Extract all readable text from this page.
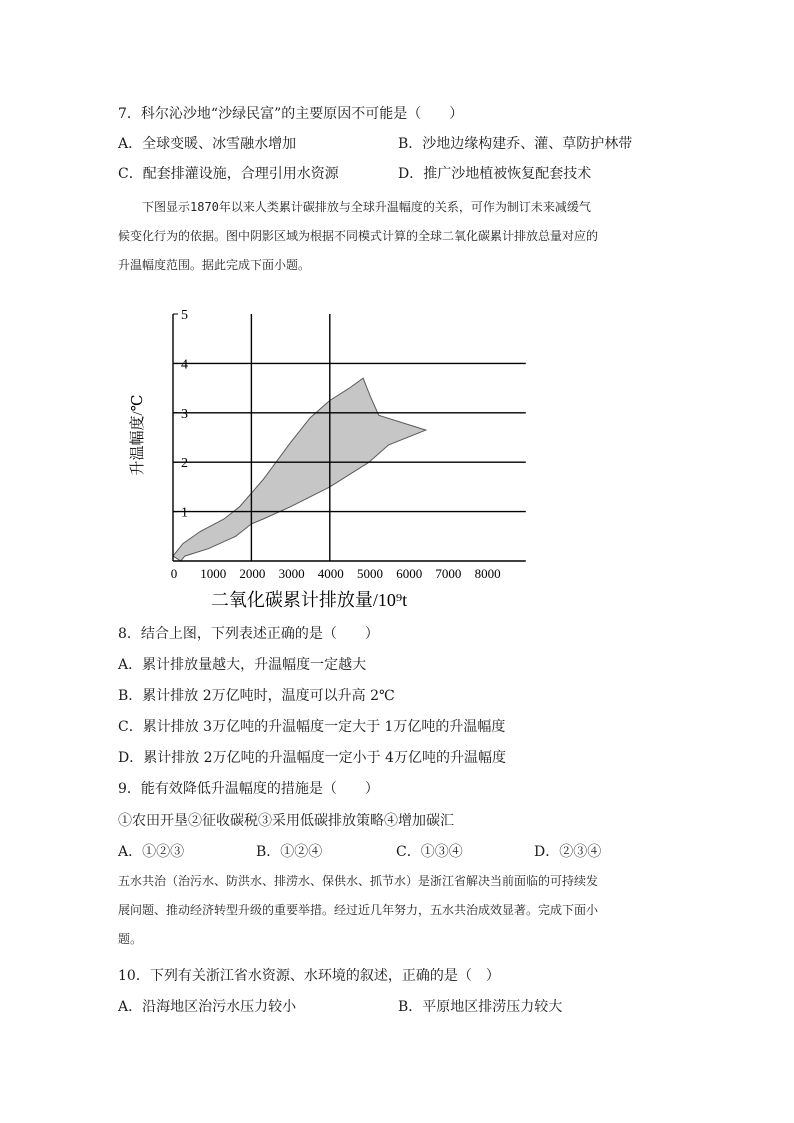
7．科尔沁沙地“沙绿民富”的主要原因不可能是（　　）
A．全球变暖、冰雪融水增加	B．沙地边缘构建乔、灌、草防护林带
C．配套排灌设施，合理引用水资源	D．推广沙地植被恢复配套技术
下图显示1870年以来人类累计碳排放与全球升温幅度的关系，可作为制订未来减缓气
候变化行为的依据。图中阴影区域为根据不同模式计算的全球二氧化碳累计排放总量对应的
升温幅度范围。据此完成下面小题。
1
2
3
4
5
0 1000 2000 3000 4000 5000 6000 7000 8000
升温幅度/℃
二氧化碳累计排放量/10⁹t
8．结合上图，下列表述正确的是（　　）
A．累计排放量越大，升温幅度一定越大
B．累计排放 2万亿吨时，温度可以升高 2℃
C．累计排放 3万亿吨的升温幅度一定大于 1万亿吨的升温幅度
D．累计排放 2万亿吨的升温幅度一定小于 4万亿吨的升温幅度
9．能有效降低升温幅度的措施是（　　）
①农田开垦②征收碳税③采用低碳排放策略④增加碳汇
A．①②③	B．①②④	C．①③④	D．②③④
五水共治（治污水、防洪水、排涝水、保供水、抓节水）是浙江省解决当前面临的可持续发
展问题、推动经济转型升级的重要举措。经过近几年努力，五水共治成效显著。完成下面小
题。
10．下列有关浙江省水资源、水环境的叙述，正确的是（　）
A．沿海地区治污水压力较小	B．平原地区排涝压力较大
